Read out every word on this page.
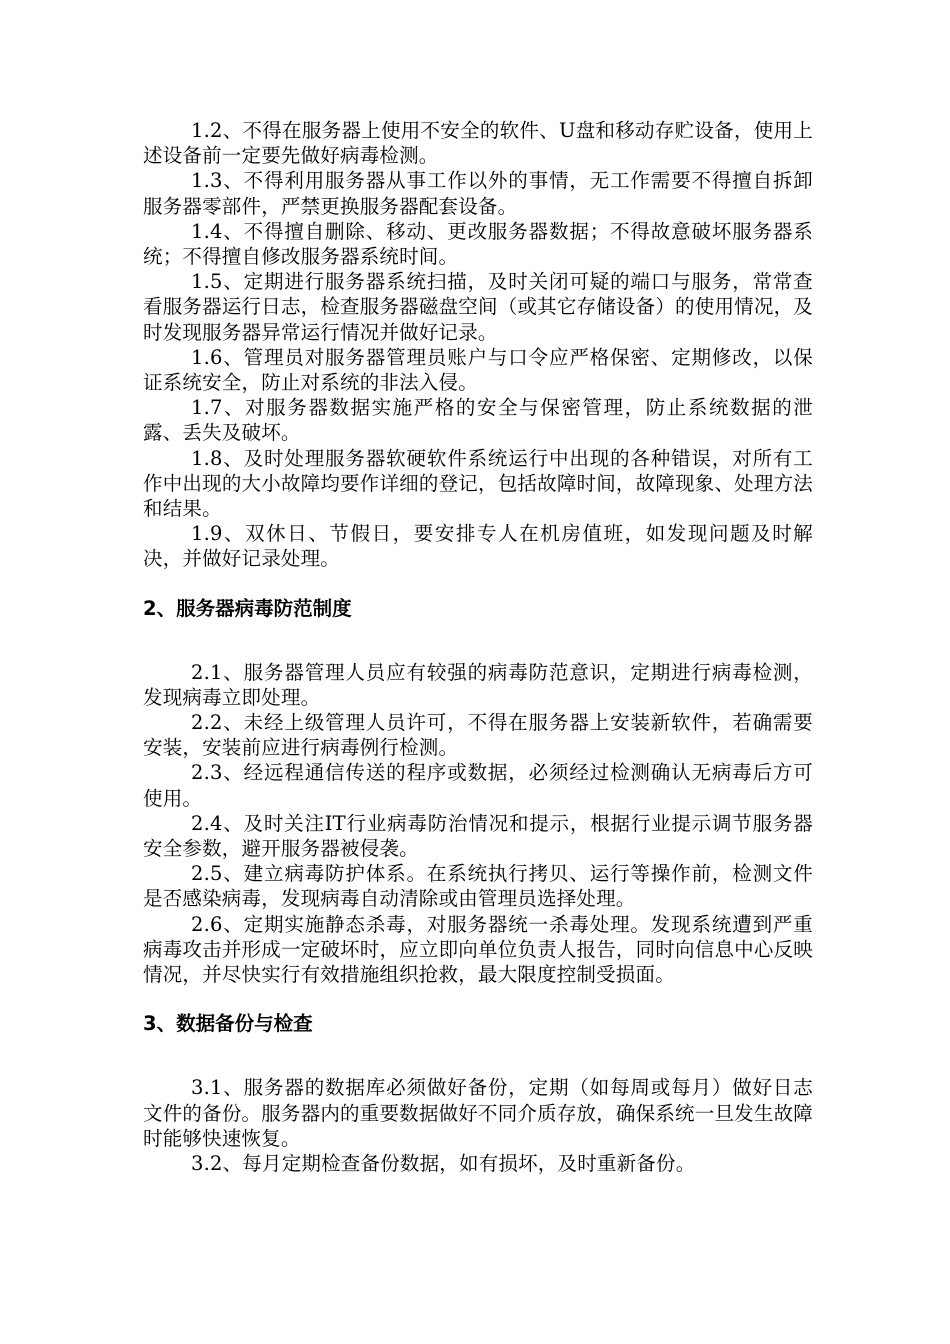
1.2、不得在服务器上使用不安全的软件、U盘和移动存贮设备，使用上述设备前一定要先做好病毒检测。

1.3、不得利用服务器从事工作以外的事情，无工作需要不得擅自拆卸服务器零部件，严禁更换服务器配套设备。

1.4、不得擅自删除、移动、更改服务器数据；不得故意破坏服务器系统；不得擅自修改服务器系统时间。

1.5、定期进行服务器系统扫描，及时关闭可疑的端口与服务，常常查看服务器运行日志，检查服务器磁盘空间（或其它存储设备）的使用情况，及时发现服务器异常运行情况并做好记录。

1.6、管理员对服务器管理员账户与口令应严格保密、定期修改，以保证系统安全，防止对系统的非法入侵。

1.7、对服务器数据实施严格的安全与保密管理，防止系统数据的泄露、丢失及破坏。

1.8、及时处理服务器软硬软件系统运行中出现的各种错误，对所有工作中出现的大小故障均要作详细的登记，包括故障时间，故障现象、处理方法和结果。

1.9、双休日、节假日，要安排专人在机房值班，如发现问题及时解决，并做好记录处理。

2、服务器病毒防范制度

2.1、服务器管理人员应有较强的病毒防范意识，定期进行病毒检测，发现病毒立即处理。

2.2、未经上级管理人员许可，不得在服务器上安装新软件，若确需要安装，安装前应进行病毒例行检测。

2.3、经远程通信传送的程序或数据，必须经过检测确认无病毒后方可使用。

2.4、及时关注IT行业病毒防治情况和提示，根据行业提示调节服务器安全参数，避开服务器被侵袭。

2.5、建立病毒防护体系。在系统执行拷贝、运行等操作前，检测文件是否感染病毒，发现病毒自动清除或由管理员选择处理。

2.6、定期实施静态杀毒，对服务器统一杀毒处理。发现系统遭到严重病毒攻击并形成一定破坏时，应立即向单位负责人报告，同时向信息中心反映情况，并尽快实行有效措施组织抢救，最大限度控制受损面。

3、数据备份与检查

3.1、服务器的数据库必须做好备份，定期（如每周或每月）做好日志文件的备份。服务器内的重要数据做好不同介质存放，确保系统一旦发生故障时能够快速恢复。

3.2、每月定期检查备份数据，如有损坏，及时重新备份。
